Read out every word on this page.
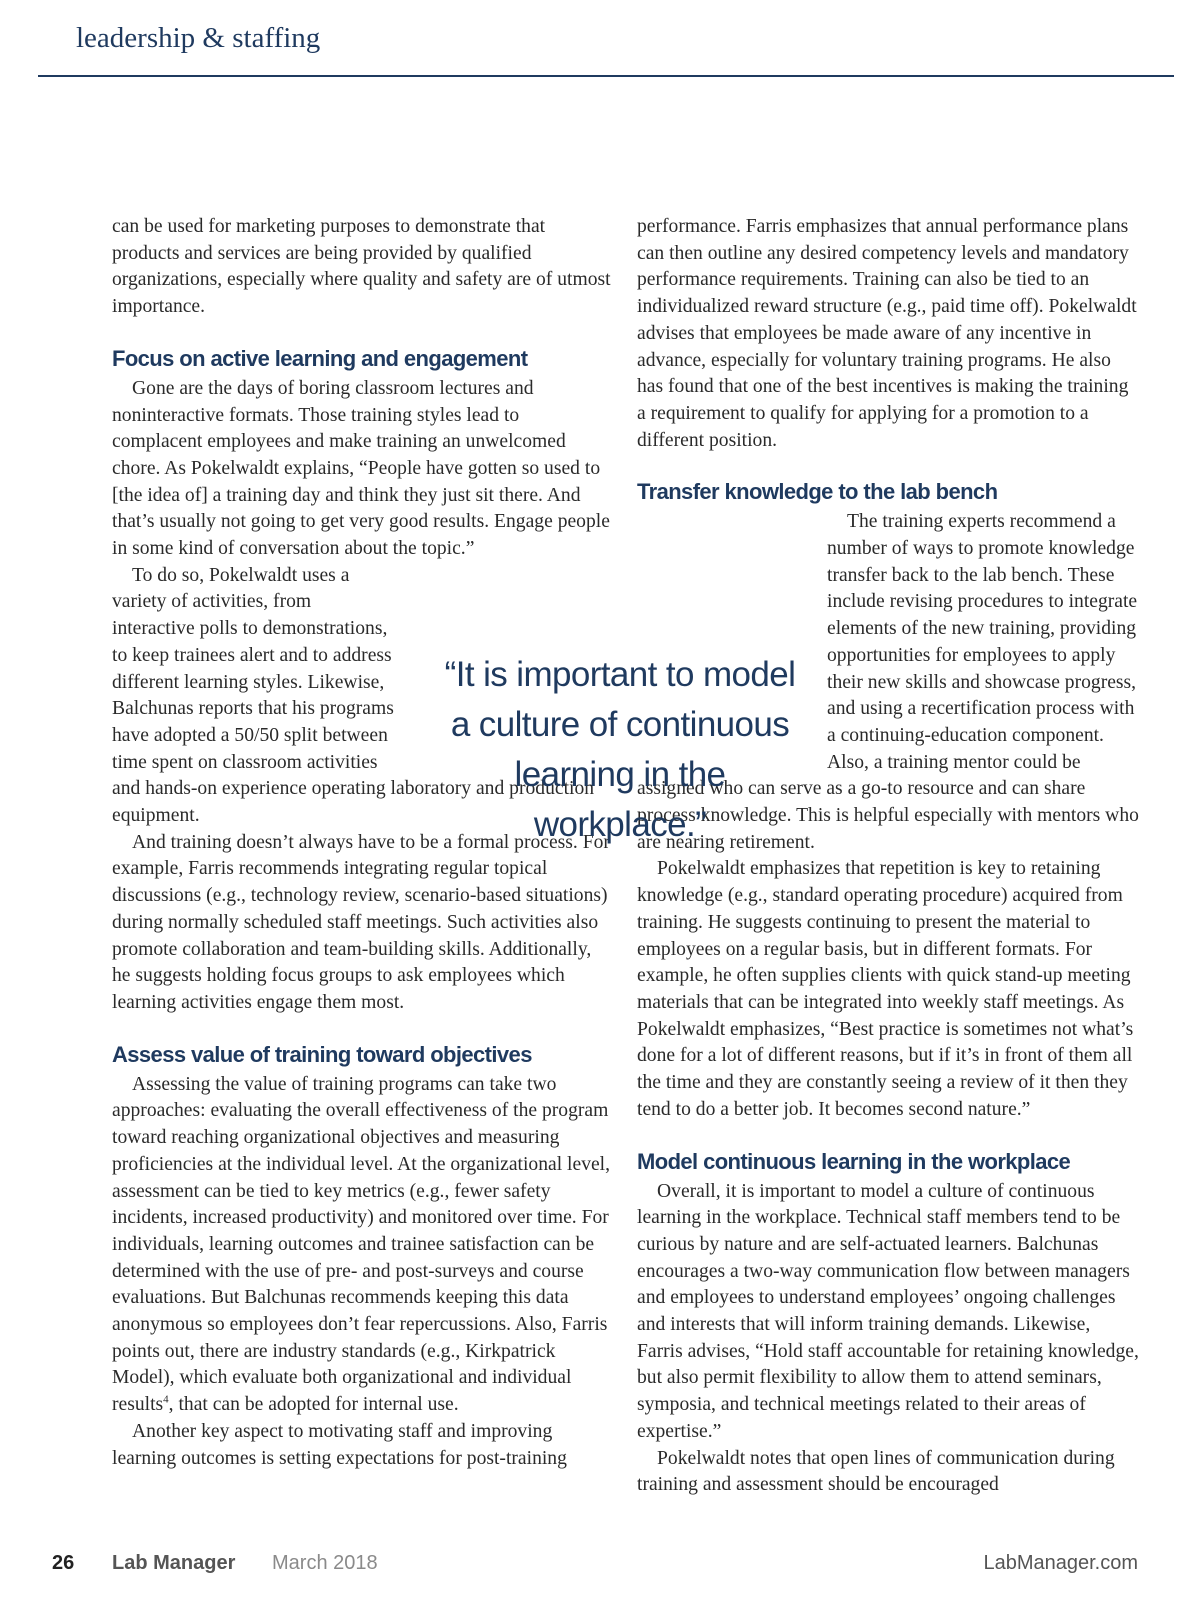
leadership & staffing

can be used for marketing purposes to demonstrate that products and services are being provided by qualified organizations, especially where quality and safety are of utmost importance.

Focus on active learning and engagement

Gone are the days of boring classroom lectures and noninteractive formats. Those training styles lead to complacent employees and make training an unwelcomed chore. As Pokelwaldt explains, “People have gotten so used to [the idea of] a training day and think they just sit there. And that’s usually not going to get very good results. Engage people in some kind of conversation about the topic.”

To do so, Pokelwaldt uses a variety of activities, from interactive polls to demonstrations, to keep trainees alert and to address different learning styles. Likewise, Balchunas reports that his programs have adopted a 50/50 split between time spent on classroom activities and hands-on experience operating laboratory and production equipment.

And training doesn’t always have to be a formal process. For example, Farris recommends integrating regular topical discussions (e.g., technology review, scenario-based situations) during normally scheduled staff meetings. Such activities also promote collaboration and team-building skills. Additionally, he suggests holding focus groups to ask employees which learning activities engage them most.

Assess value of training toward objectives

Assessing the value of training programs can take two approaches: evaluating the overall effectiveness of the program toward reaching organizational objectives and measuring proficiencies at the individual level. At the organizational level, assessment can be tied to key metrics (e.g., fewer safety incidents, increased productivity) and monitored over time. For individuals, learning outcomes and trainee satisfaction can be determined with the use of pre- and post-surveys and course evaluations. But Balchunas recommends keeping this data anonymous so employees don’t fear repercussions. Also, Farris points out, there are industry standards (e.g., Kirkpatrick Model), which evaluate both organizational and individual results$^4$, that can be adopted for internal use.

Another key aspect to motivating staff and improving learning outcomes is setting expectations for post-training

performance. Farris emphasizes that annual performance plans can then outline any desired competency levels and mandatory performance requirements. Training can also be tied to an individualized reward structure (e.g., paid time off). Pokelwaldt advises that employees be made aware of any incentive in advance, especially for voluntary training programs. He also has found that one of the best incentives is making the training a requirement to qualify for applying for a promotion to a different position.

Transfer knowledge to the lab bench

The training experts recommend a number of ways to promote knowledge transfer back to the lab bench. These include revising procedures to integrate elements of the new training, providing opportunities for employees to apply their new skills and showcase progress, and using a recertification process with a continuing-education component. Also, a training mentor could be assigned who can serve as a go-to resource and can share process knowledge. This is helpful especially with mentors who are nearing retirement.

Pokelwaldt emphasizes that repetition is key to retaining knowledge (e.g., standard operating procedure) acquired from training. He suggests continuing to present the material to employees on a regular basis, but in different formats. For example, he often supplies clients with quick stand-up meeting materials that can be integrated into weekly staff meetings. As Pokelwaldt emphasizes, “Best practice is sometimes not what’s done for a lot of different reasons, but if it’s in front of them all the time and they are constantly seeing a review of it then they tend to do a better job. It becomes second nature.”

Model continuous learning in the workplace

Overall, it is important to model a culture of continuous learning in the workplace. Technical staff members tend to be curious by nature and are self-actuated learners. Balchunas encourages a two-way communication flow between managers and employees to understand employees’ ongoing challenges and interests that will inform training demands. Likewise, Farris advises, “Hold staff accountable for retaining knowledge, but also permit flexibility to allow them to attend seminars, symposia, and technical meetings related to their areas of expertise.”

Pokelwaldt notes that open lines of communication during training and assessment should be encouraged

“It is important to model a culture of continuous learning in the workplace.”
26 Lab Manager March 2018	LabManager.com
